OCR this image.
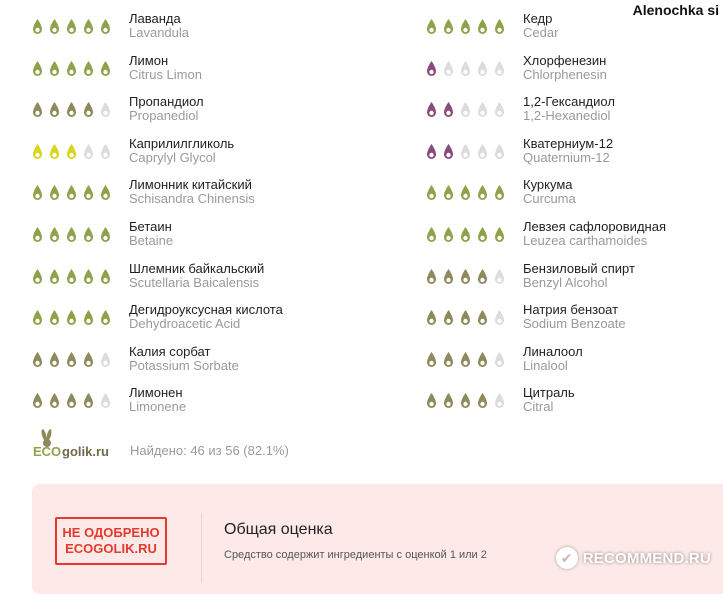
Alenochka si
Лаванда
Lavandula
Лимон
Citrus Limon
Пропандиол
Propanediol
Каприлилгликоль
Caprylyl Glycol
Лимонник китайский
Schisandra Chinensis
Бетаин
Betaine
Шлемник байкальский
Scutellaria Baicalensis
Дегидроуксусная кислота
Dehydroacetic Acid
Калия сорбат
Potassium Sorbate
Лимонен
Limonene
Кедр
Cedar
Хлорфенезин
Chlorphenesin
1,2-Гександиол
1,2-Hexanediol
Кватерниум-12
Quaternium-12
Куркума
Curcuma
Левзея сафлоровидная
Leuzea carthamoides
Бензиловый спирт
Benzyl Alcohol
Натрия бензоат
Sodium Benzoate
Линалоол
Linalool
Цитраль
Citral
ECO golik.ru Найдено: 46 из 56 (82.1%)
НЕ ОДОБРЕНО
ECOGOLIK.RU
Общая оценка
Средство содержит ингредиенты с оценкой 1 или 2	✔ RECOMMEND.RU
